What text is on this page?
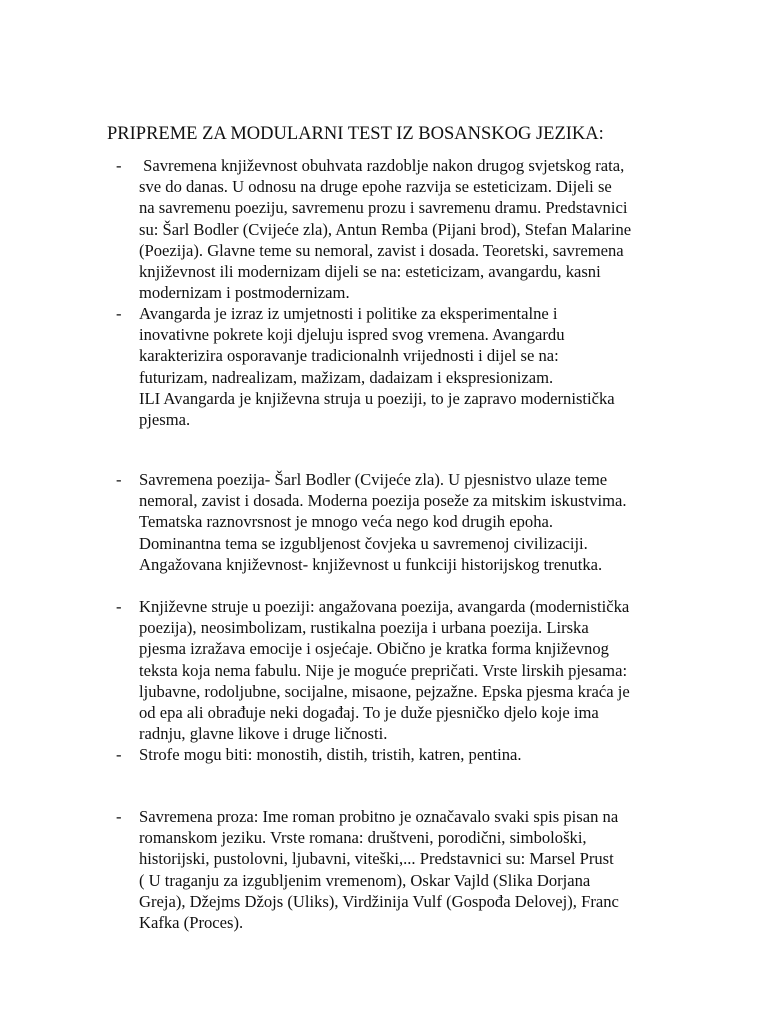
PRIPREME ZA MODULARNI TEST IZ BOSANSKOG JEZIKA:
-	Savremena književnost obuhvata razdoblje nakon drugog svjetskog rata,
sve do danas. U odnosu na druge epohe razvija se esteticizam. Dijeli se
na savremenu poeziju, savremenu prozu i savremenu dramu. Predstavnici
su: Šarl Bodler (Cvijeće zla), Antun Remba (Pijani brod), Stefan Malarine
(Poezija). Glavne teme su nemoral, zavist i dosada. Teoretski, savremena
književnost ili modernizam dijeli se na: esteticizam, avangardu, kasni
modernizam i postmodernizam.
-	Avangarda je izraz iz umjetnosti i politike za eksperimentalne i
inovativne pokrete koji djeluju ispred svog vremena. Avangardu
karakterizira osporavanje tradicionalnh vrijednosti i dijel se na:
futurizam, nadrealizam, mažizam, dadaizam i ekspresionizam.
ILI Avangarda je književna struja u poeziji, to je zapravo modernistička
pjesma.
-	Savremena poezija- Šarl Bodler (Cvijeće zla). U pjesnistvo ulaze teme
nemoral, zavist i dosada. Moderna poezija poseže za mitskim iskustvima.
Tematska raznovrsnost je mnogo veća nego kod drugih epoha.
Dominantna tema se izgubljenost čovjeka u savremenoj civilizaciji.
Angažovana književnost- književnost u funkciji historijskog trenutka.
-	Književne struje u poeziji: angažovana poezija, avangarda (modernistička
poezija), neosimbolizam, rustikalna poezija i urbana poezija. Lirska
pjesma izražava emocije i osjećaje. Obično je kratka forma književnog
teksta koja nema fabulu. Nije je moguće prepričati. Vrste lirskih pjesama:
ljubavne, rodoljubne, socijalne, misaone, pejzažne. Epska pjesma kraća je
od epa ali obrađuje neki događaj. To je duže pjesničko djelo koje ima
radnju, glavne likove i druge ličnosti.
-	Strofe mogu biti: monostih, distih, tristih, katren, pentina.
-	Savremena proza: Ime roman probitno je označavalo svaki spis pisan na
romanskom jeziku. Vrste romana: društveni, porodični, simbološki,
historijski, pustolovni, ljubavni, viteški,... Predstavnici su: Marsel Prust
( U traganju za izgubljenim vremenom), Oskar Vajld (Slika Dorjana
Greja), Džejms Džojs (Uliks), Virdžinija Vulf (Gospođa Delovej), Franc
Kafka (Proces).
